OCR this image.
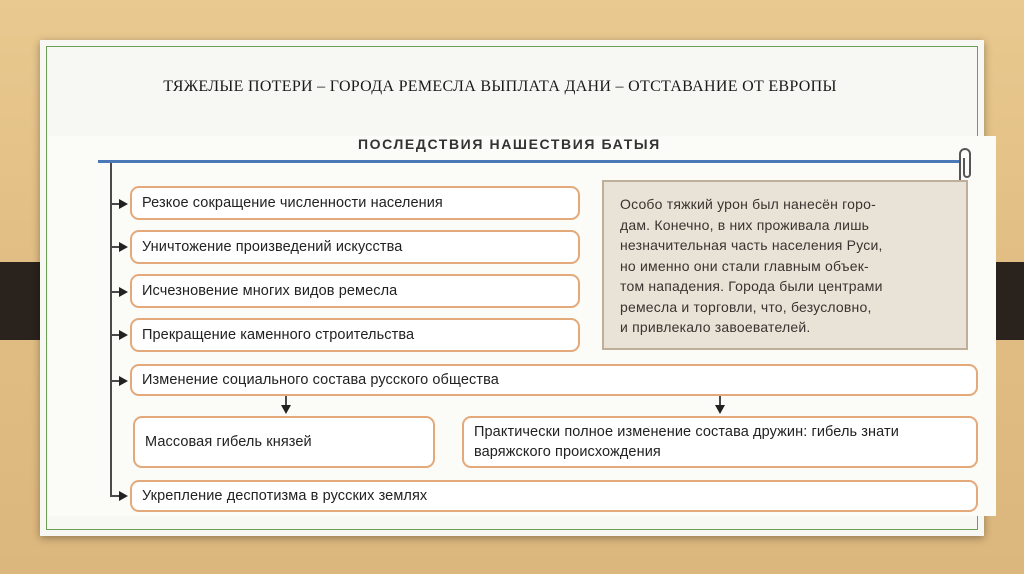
ТЯЖЕЛЫЕ ПОТЕРИ – ГОРОДА РЕМЕСЛА ВЫПЛАТА ДАНИ – ОТСТАВАНИЕ ОТ ЕВРОПЫ
ПОСЛЕДСТВИЯ НАШЕСТВИЯ БАТЫЯ
Резкое сокращение численности населения
Уничтожение произведений искусства
Исчезновение многих видов ремесла
Прекращение каменного строительства
Изменение социального состава русского общества
Массовая гибель князей
Практически полное изменение состава дружин: гибель знати варяжского происхождения
Укрепление деспотизма в русских землях
Особо тяжкий урон был нанесён горо-
дам. Конечно, в них проживала лишь
незначительная часть населения Руси,
но именно они стали главным объек-
том нападения. Города были центрами
ремесла и торговли, что, безусловно,
и привлекало завоевателей.
